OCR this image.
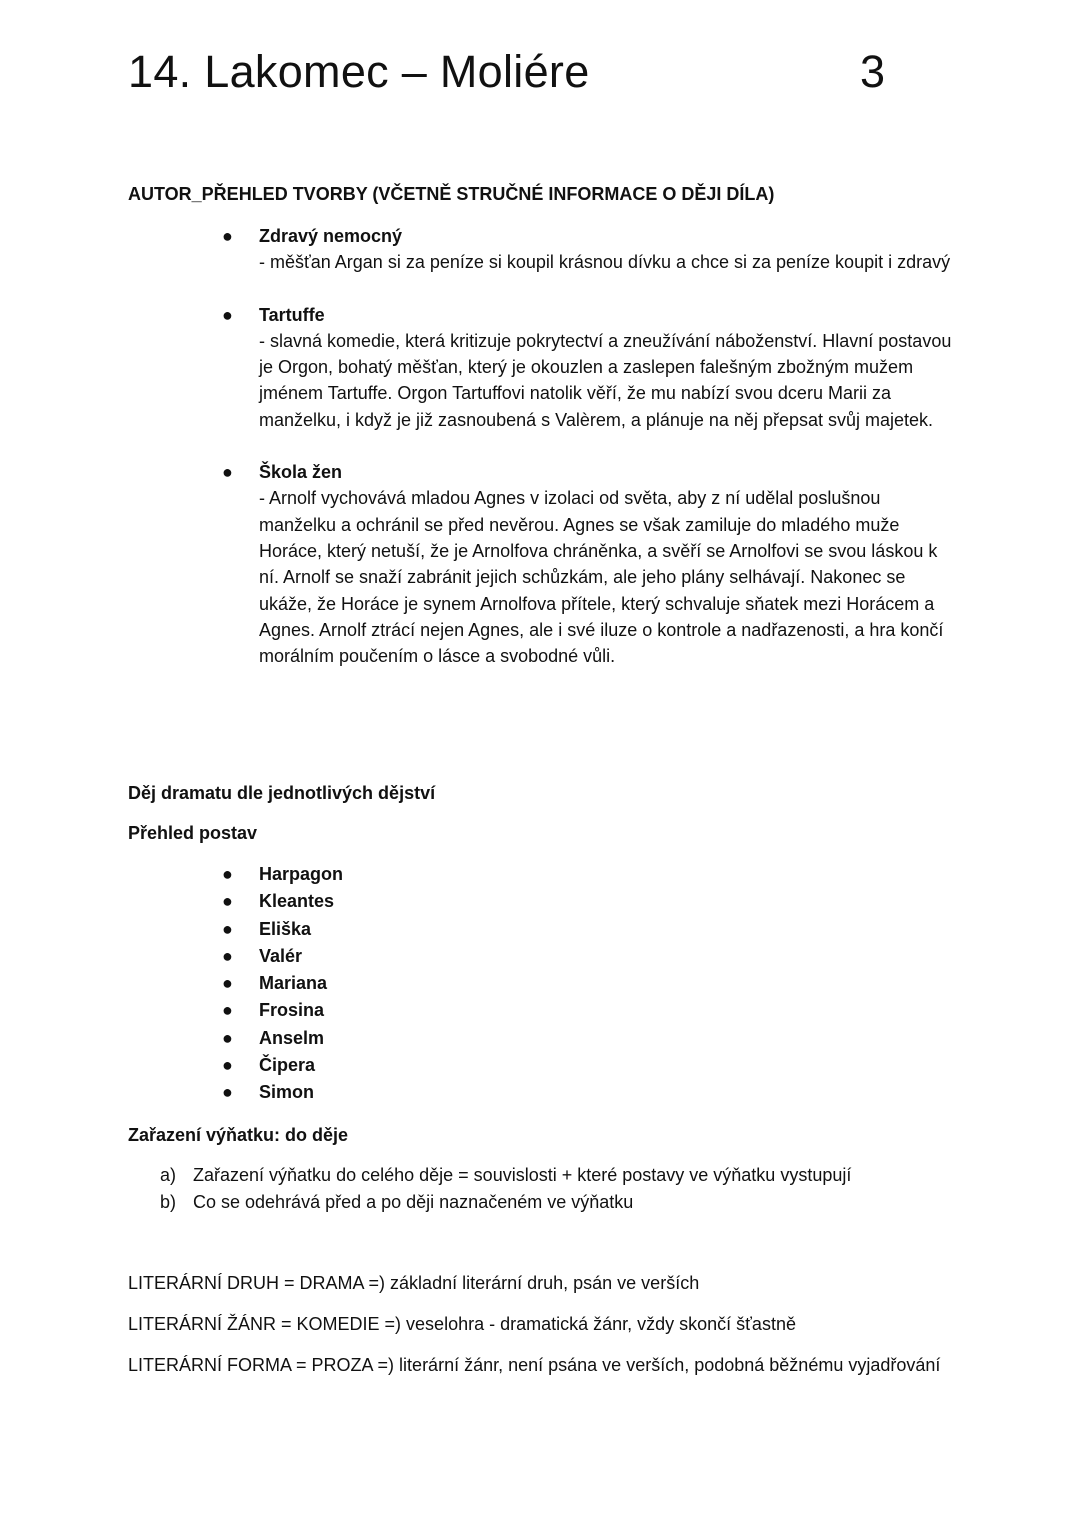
14. Lakomec – Moliére	3
AUTOR_PŘEHLED TVORBY (VČETNĚ STRUČNÉ INFORMACE O DĚJI DÍLA)
● Zdravý nemocný
- měšťan Argan si za peníze si koupil krásnou dívku a chce si za peníze koupit i zdravý
● Tartuffe
- slavná komedie, která kritizuje pokrytectví a zneužívání náboženství. Hlavní postavou je Orgon, bohatý měšťan, který je okouzlen a zaslepen falešným zbožným mužem jménem Tartuffe. Orgon Tartuffovi natolik věří, že mu nabízí svou dceru Marii za manželku, i když je již zasnoubená s Valèrem, a plánuje na něj přepsat svůj majetek.
● Škola žen
- Arnolf vychovává mladou Agnes v izolaci od světa, aby z ní udělal poslušnou manželku a ochránil se před nevěrou. Agnes se však zamiluje do mladého muže Horáce, který netuší, že je Arnolfova chráněnka, a svěří se Arnolfovi se svou láskou k ní. Arnolf se snaží zabránit jejich schůzkám, ale jeho plány selhávají. Nakonec se ukáže, že Horáce je synem Arnolfova přítele, který schvaluje sňatek mezi Horácem a Agnes. Arnolf ztrácí nejen Agnes, ale i své iluze o kontrole a nadřazenosti, a hra končí morálním poučením o lásce a svobodné vůli.
Děj dramatu dle jednotlivých dějství
Přehled postav
● Harpagon
● Kleantes
● Eliška
● Valér
● Mariana
● Frosina
● Anselm
● Čipera
● Simon
Zařazení výňatku: do děje
a) Zařazení výňatku do celého děje = souvislosti + které postavy ve výňatku vystupují
b) Co se odehrává před a po ději naznačeném ve výňatku
LITERÁRNÍ DRUH = DRAMA =) základní literární druh, psán ve verších
LITERÁRNÍ ŽÁNR = KOMEDIE =) veselohra - dramatická žánr, vždy skončí šťastně
LITERÁRNÍ FORMA = PROZA =) literární žánr, není psána ve verších, podobná běžnému vyjadřování
